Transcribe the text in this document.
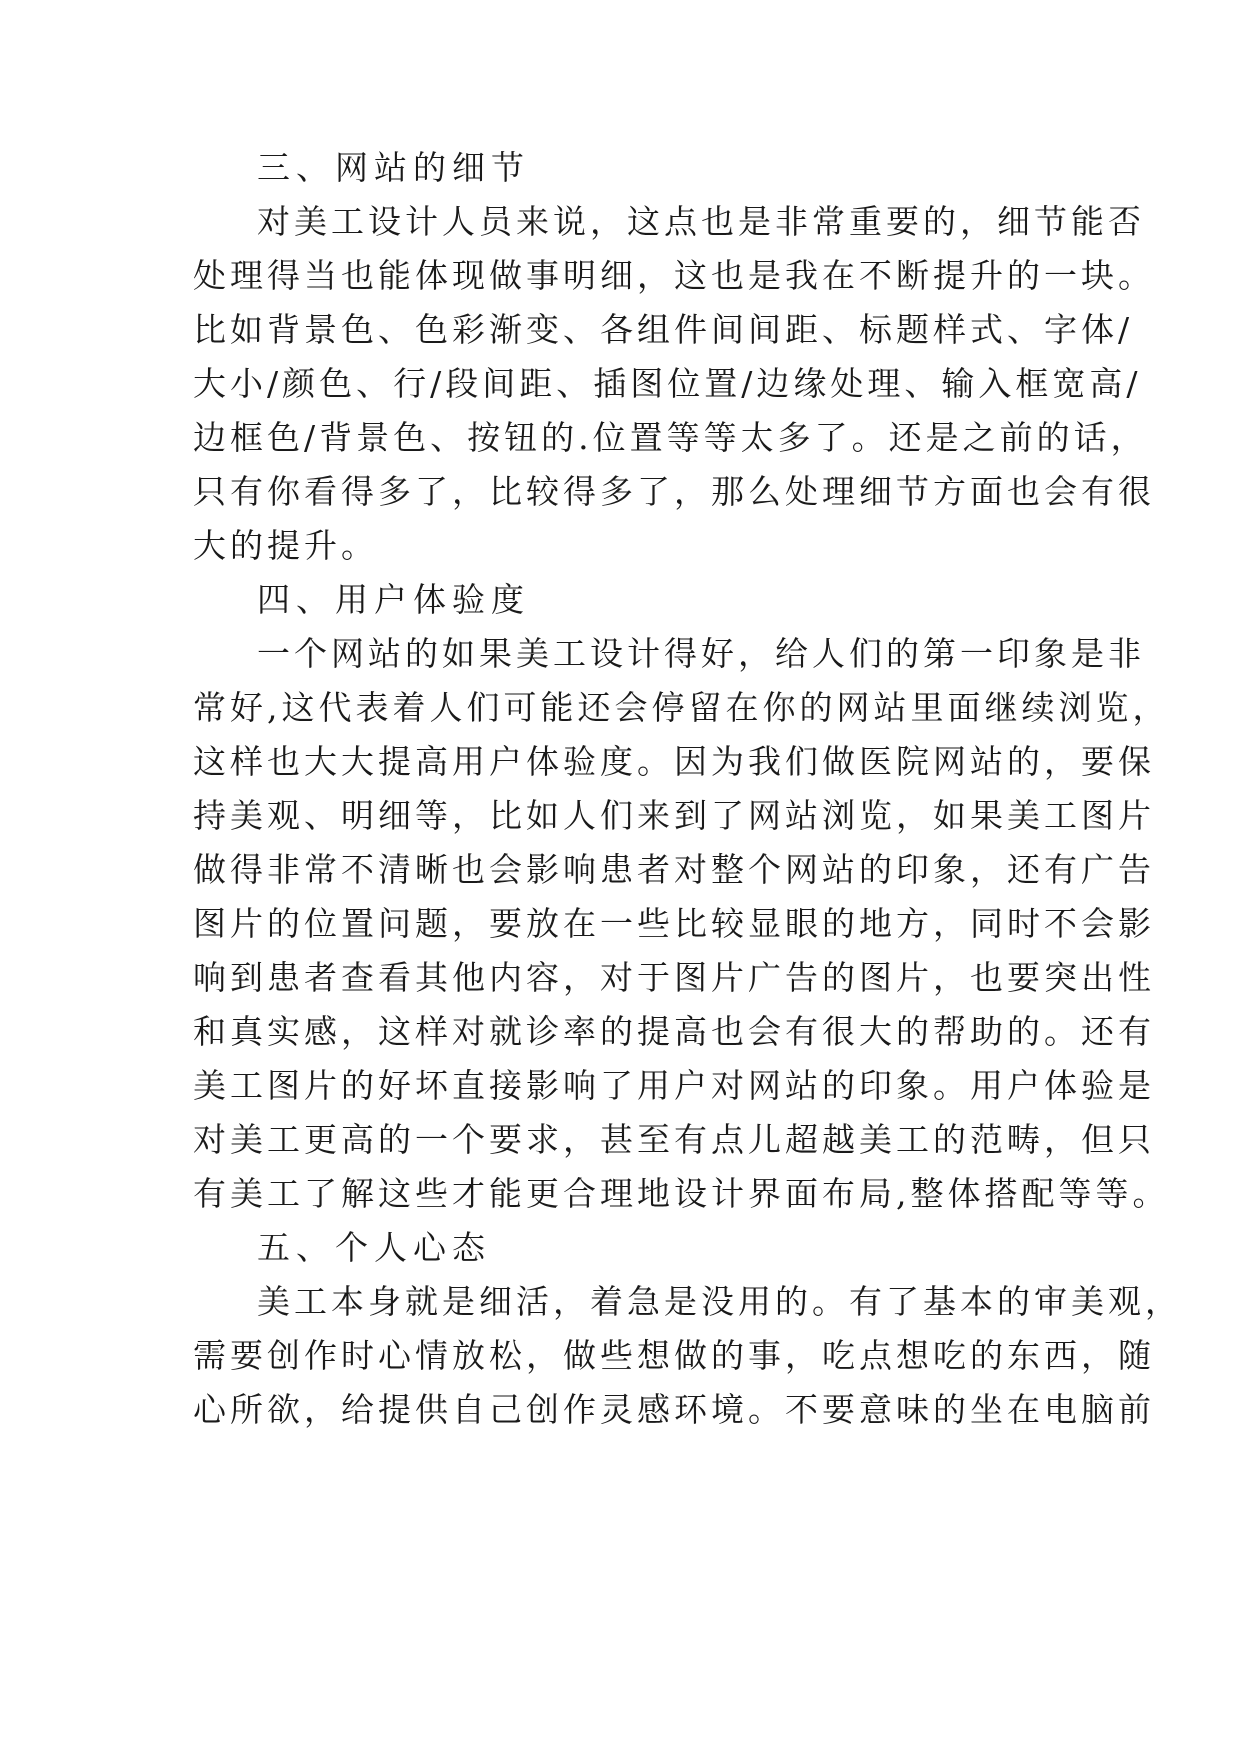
三、网站的细节
对美工设计人员来说，这点也是非常重要的，细节能否
处理得当也能体现做事明细，这也是我在不断提升的一块。
比如背景色、色彩渐变、各组件间间距、标题样式、字体/
大小/颜色、行/段间距、插图位置/边缘处理、输入框宽高/
边框色/背景色、按钮的.位置等等太多了。还是之前的话，
只有你看得多了，比较得多了，那么处理细节方面也会有很
大的提升。
四、用户体验度
一个网站的如果美工设计得好，给人们的第一印象是非
常好,这代表着人们可能还会停留在你的网站里面继续浏览，
这样也大大提高用户体验度。因为我们做医院网站的，要保
持美观、明细等，比如人们来到了网站浏览，如果美工图片
做得非常不清晰也会影响患者对整个网站的印象，还有广告
图片的位置问题，要放在一些比较显眼的地方，同时不会影
响到患者查看其他内容，对于图片广告的图片，也要突出性
和真实感，这样对就诊率的提高也会有很大的帮助的。还有
美工图片的好坏直接影响了用户对网站的印象。用户体验是
对美工更高的一个要求，甚至有点儿超越美工的范畴，但只
有美工了解这些才能更合理地设计界面布局,整体搭配等等。
五、个人心态
美工本身就是细活，着急是没用的。有了基本的审美观，
需要创作时心情放松，做些想做的事，吃点想吃的东西，随
心所欲，给提供自己创作灵感环境。不要意味的坐在电脑前
